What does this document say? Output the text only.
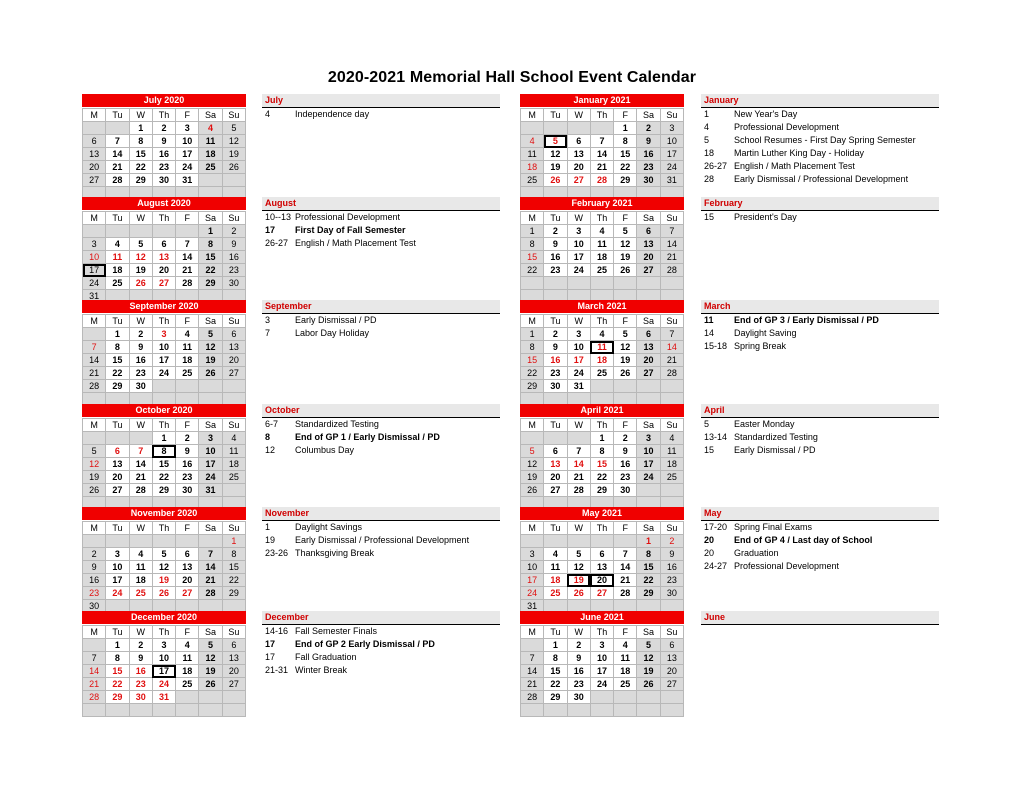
2020-2021 Memorial Hall School Event Calendar
July 2020
M	Tu	W	Th	F	Sa	Su
		1	2	3	4	5
6	7	8	9	10	11	12
13	14	15	16	17	18	19
20	21	22	23	24	25	26
27	28	29	30	31		

August 2020
M	Tu	W	Th	F	Sa	Su
					1	2
3	4	5	6	7	8	9
10	11	12	13	14	15	16
17	18	19	20	21	22	23
24	25	26	27	28	29	30
31						
September 2020
M	Tu	W	Th	F	Sa	Su
	1	2	3	4	5	6
7	8	9	10	11	12	13
14	15	16	17	18	19	20
21	22	23	24	25	26	27
28	29	30				

October 2020
M	Tu	W	Th	F	Sa	Su
			1	2	3	4
5	6	7	8	9	10	11
12	13	14	15	16	17	18
19	20	21	22	23	24	25
26	27	28	29	30	31	

November 2020
M	Tu	W	Th	F	Sa	Su
						1
2	3	4	5	6	7	8
9	10	11	12	13	14	15
16	17	18	19	20	21	22
23	24	25	26	27	28	29
30						
December 2020
M	Tu	W	Th	F	Sa	Su
	1	2	3	4	5	6
7	8	9	10	11	12	13
14	15	16	17	18	19	20
21	22	23	24	25	26	27
28	29	30	31			

January 2021
M	Tu	W	Th	F	Sa	Su
				1	2	3
4	5	6	7	8	9	10
11	12	13	14	15	16	17
18	19	20	21	22	23	24
25	26	27	28	29	30	31

February 2021
M	Tu	W	Th	F	Sa	Su
1	2	3	4	5	6	7
8	9	10	11	12	13	14
15	16	17	18	19	20	21
22	23	24	25	26	27	28

March 2021
M	Tu	W	Th	F	Sa	Su
1	2	3	4	5	6	7
8	9	10	11	12	13	14
15	16	17	18	19	20	21
22	23	24	25	26	27	28
29	30	31				

April 2021
M	Tu	W	Th	F	Sa	Su
			1	2	3	4
5	6	7	8	9	10	11
12	13	14	15	16	17	18
19	20	21	22	23	24	25
26	27	28	29	30		

May 2021
M	Tu	W	Th	F	Sa	Su
					1	2
3	4	5	6	7	8	9
10	11	12	13	14	15	16
17	18	19	20	21	22	23
24	25	26	27	28	29	30
31						
June 2021
M	Tu	W	Th	F	Sa	Su
	1	2	3	4	5	6
7	8	9	10	11	12	13
14	15	16	17	18	19	20
21	22	23	24	25	26	27
28	29	30				

July
4	Independence day
August
10--13 Professional Development
17 First Day of Fall Semester
26-27 English / Math Placement Test
September
3	Early Dismissal / PD
7	Labor Day Holiday
October
6-7 Standardized Testing
8	End of GP 1 / Early Dismissal / PD
12 Columbus Day
November
1	Daylight Savings
19 Early Dismissal / Professional Development
23-26 Thanksgiving Break
December
14-16 Fall Semester Finals
17 End of GP 2 Early Dismissal / PD
17 Fall Graduation
21-31 Winter Break
January
1	New Year's Day
4	Professional Development
5	School Resumes - First Day Spring Semester
18 Martin Luther King Day - Holiday
26-27 English / Math Placement Test
28 Early Dismissal / Professional Development
February
15 President's Day
March
11 End of GP 3 / Early Dismissal / PD
14 Daylight Saving
15-18 Spring Break
April
5	Easter Monday
13-14 Standardized Testing
15 Early Dismissal / PD
May
17-20 Spring Final Exams
20 End of GP 4 / Last day of School
20 Graduation
24-27 Professional Development
June
